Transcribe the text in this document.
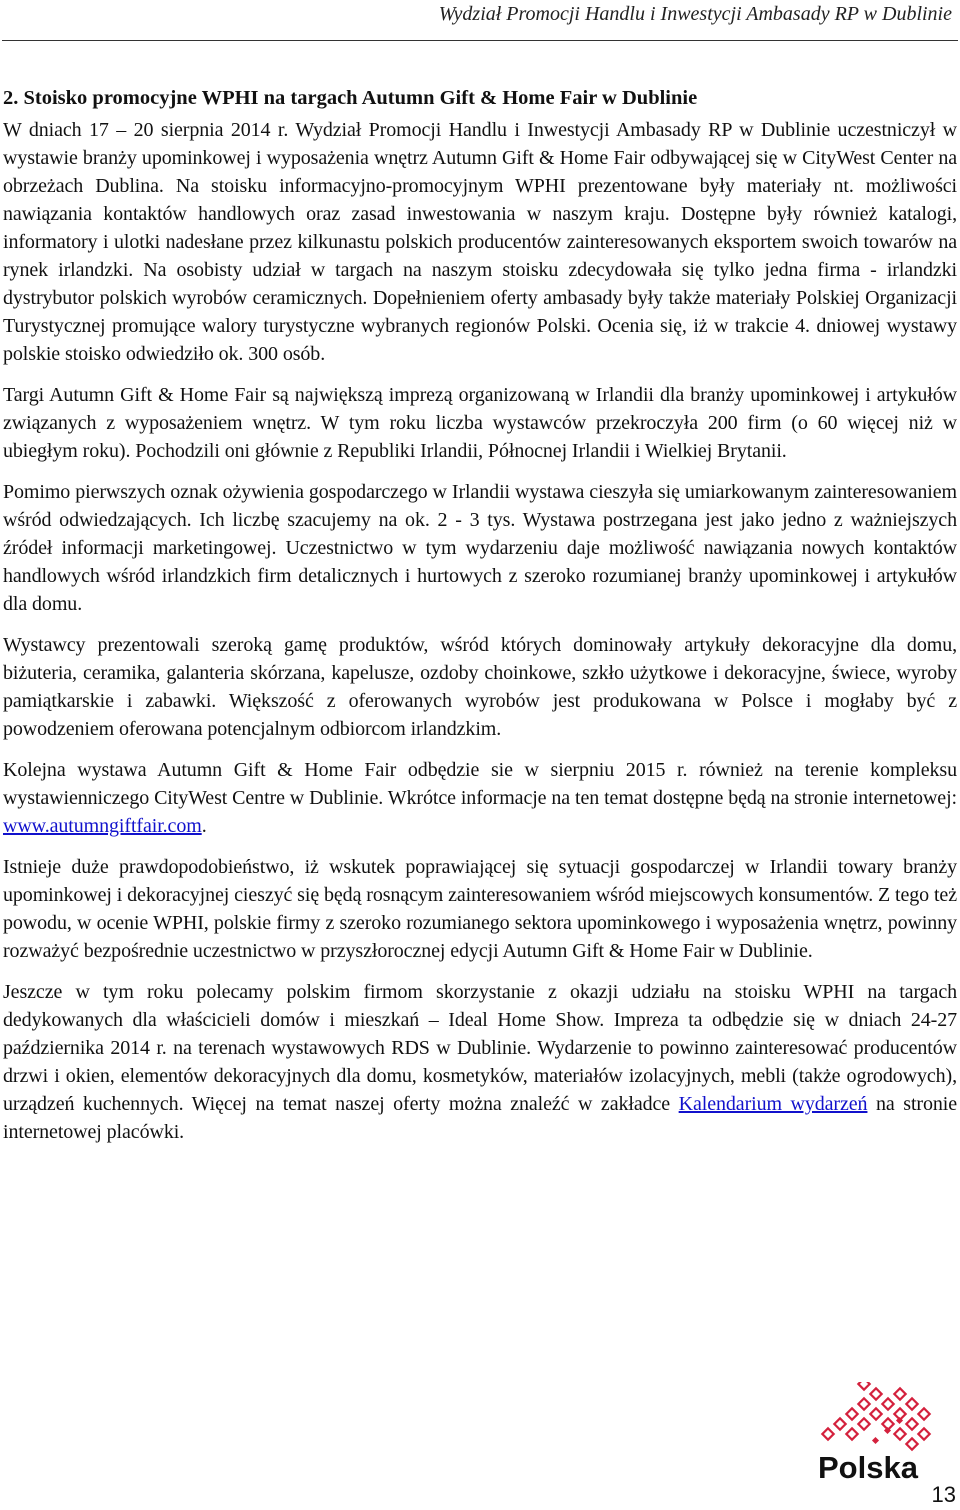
Wydział Promocji Handlu i Inwestycji Ambasady RP w Dublinie
2. Stoisko promocyjne WPHI na targach Autumn Gift & Home Fair w Dublinie

W dniach 17 – 20 sierpnia 2014 r. Wydział Promocji Handlu i Inwestycji Ambasady RP w Dublinie uczestniczył w wystawie branży upominkowej i wyposażenia wnętrz Autumn Gift & Home Fair odbywającej się w CityWest Center na obrzeżach Dublina. Na stoisku informacyjno-promocyjnym WPHI prezentowane były materiały nt. możliwości nawiązania kontaktów handlowych oraz zasad inwestowania w naszym kraju. Dostępne były również katalogi, informatory i ulotki nadesłane przez kilkunastu polskich producentów zainteresowanych eksportem swoich towarów na rynek irlandzki. Na osobisty udział w targach na naszym stoisku zdecydowała się tylko jedna firma - irlandzki dystrybutor polskich wyrobów ceramicznych. Dopełnieniem oferty ambasady były także materiały Polskiej Organizacji Turystycznej promujące walory turystyczne wybranych regionów Polski. Ocenia się, iż w trakcie 4. dniowej wystawy polskie stoisko odwiedziło ok. 300 osób.

Targi Autumn Gift & Home Fair są największą imprezą organizowaną w Irlandii dla branży upominkowej i artykułów związanych z wyposażeniem wnętrz. W tym roku liczba wystawców przekroczyła 200 firm (o 60 więcej niż w ubiegłym roku). Pochodzili oni głównie z Republiki Irlandii, Północnej Irlandii i Wielkiej Brytanii.

Pomimo pierwszych oznak ożywienia gospodarczego w Irlandii wystawa cieszyła się umiarkowanym zainteresowaniem wśród odwiedzających. Ich liczbę szacujemy na ok. 2 - 3 tys. Wystawa postrzegana jest jako jedno z ważniejszych źródeł informacji marketingowej. Uczestnictwo w tym wydarzeniu daje możliwość nawiązania nowych kontaktów handlowych wśród irlandzkich firm detalicznych i hurtowych z szeroko rozumianej branży upominkowej i artykułów dla domu.

Wystawcy prezentowali szeroką gamę produktów, wśród których dominowały artykuły dekoracyjne dla domu, biżuteria, ceramika, galanteria skórzana, kapelusze, ozdoby choinkowe, szkło użytkowe i dekoracyjne, świece, wyroby pamiątkarskie i zabawki. Większość z oferowanych wyrobów jest produkowana w Polsce i mogłaby być z powodzeniem oferowana potencjalnym odbiorcom irlandzkim.

Kolejna wystawa Autumn Gift & Home Fair odbędzie sie w sierpniu 2015 r. również na terenie kompleksu wystawienniczego CityWest Centre w Dublinie. Wkrótce informacje na ten temat dostępne będą na stronie internetowej: www.autumngiftfair.com.

Istnieje duże prawdopodobieństwo, iż wskutek poprawiającej się sytuacji gospodarczej w Irlandii towary branży upominkowej i dekoracyjnej cieszyć się będą rosnącym zainteresowaniem wśród miejscowych konsumentów. Z tego też powodu, w ocenie WPHI, polskie firmy z szeroko rozumianego sektora upominkowego i wyposażenia wnętrz, powinny rozważyć bezpośrednie uczestnictwo w przyszłorocznej edycji Autumn Gift & Home Fair w Dublinie.

Jeszcze w tym roku polecamy polskim firmom skorzystanie z okazji udziału na stoisku WPHI na targach dedykowanych dla właścicieli domów i mieszkań – Ideal Home Show. Impreza ta odbędzie się w dniach 24-27 października 2014 r. na terenach wystawowych RDS w Dublinie. Wydarzenie to powinno zainteresować producentów drzwi i okien, elementów dekoracyjnych dla domu, kosmetyków, materiałów izolacyjnych, mebli (także ogrodowych), urządzeń kuchennych. Więcej na temat naszej oferty można znaleźć w zakładce Kalendarium wydarzeń na stronie internetowej placówki.

Polska
13
